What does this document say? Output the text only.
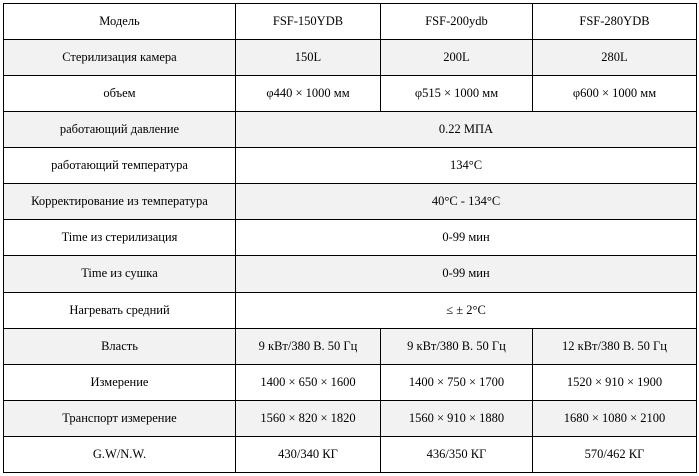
Модель	FSF-150YDB	FSF-200ydb	FSF-280YDB
Стерилизация камера	150L	200L	280L
объем	φ440 × 1000 мм	φ515 × 1000 мм	φ600 × 1000 мм
работающий давление	0.22 МПА		
работающий температура	134°C		
Корректирование из температура	40°C - 134°C		
Time из стерилизация	0-99 мин		
Time из сушка	0-99 мин		
Нагревать средний	≤ ± 2°C		
Власть	9 кВт/380 В. 50 Гц	9 кВт/380 В. 50 Гц	12 кВт/380 В. 50 Гц
Измерение	1400 × 650 × 1600	1400 × 750 × 1700	1520 × 910 × 1900
Транспорт измерение	1560 × 820 × 1820	1560 × 910 × 1880	1680 × 1080 × 2100
G.W/N.W.	430/340 КГ	436/350 КГ	570/462 КГ
